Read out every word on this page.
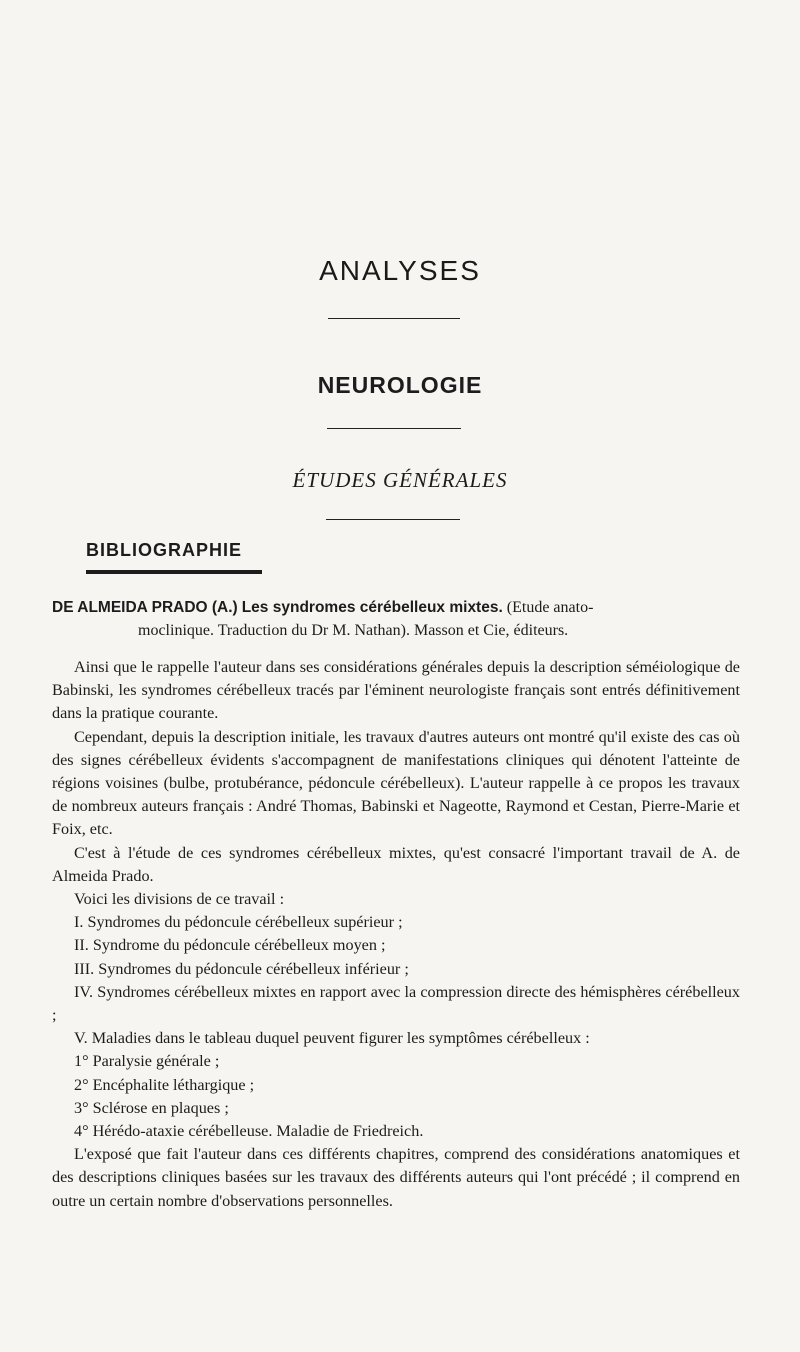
ANALYSES
NEUROLOGIE
ÉTUDES GÉNÉRALES
BIBLIOGRAPHIE
DE ALMEIDA PRADO (A.) Les syndromes cérébelleux mixtes. (Etude anato-
moclinique. Traduction du Dr M. Nathan). Masson et Cie, éditeurs.

Ainsi que le rappelle l'auteur dans ses considérations générales depuis la description séméiologique de Babinski, les syndromes cérébelleux tracés par l'éminent neurologiste français sont entrés définitivement dans la pratique courante.

Cependant, depuis la description initiale, les travaux d'autres auteurs ont montré qu'il existe des cas où des signes cérébelleux évidents s'accompagnent de manifestations cliniques qui dénotent l'atteinte de régions voisines (bulbe, protubérance, pédoncule cérébelleux). L'auteur rappelle à ce propos les travaux de nombreux auteurs français : André Thomas, Babinski et Nageotte, Raymond et Cestan, Pierre-Marie et Foix, etc.

C'est à l'étude de ces syndromes cérébelleux mixtes, qu'est consacré l'important travail de A. de Almeida Prado.

Voici les divisions de ce travail :

I. Syndromes du pédoncule cérébelleux supérieur ;

II. Syndrome du pédoncule cérébelleux moyen ;

III. Syndromes du pédoncule cérébelleux inférieur ;

IV. Syndromes cérébelleux mixtes en rapport avec la compression directe des hémisphères cérébelleux ;

V. Maladies dans le tableau duquel peuvent figurer les symptômes cérébelleux :

1° Paralysie générale ;

2° Encéphalite léthargique ;

3° Sclérose en plaques ;

4° Hérédo-ataxie cérébelleuse. Maladie de Friedreich.

L'exposé que fait l'auteur dans ces différents chapitres, comprend des considérations anatomiques et des descriptions cliniques basées sur les travaux des différents auteurs qui l'ont précédé ; il comprend en outre un certain nombre d'observations personnelles.
